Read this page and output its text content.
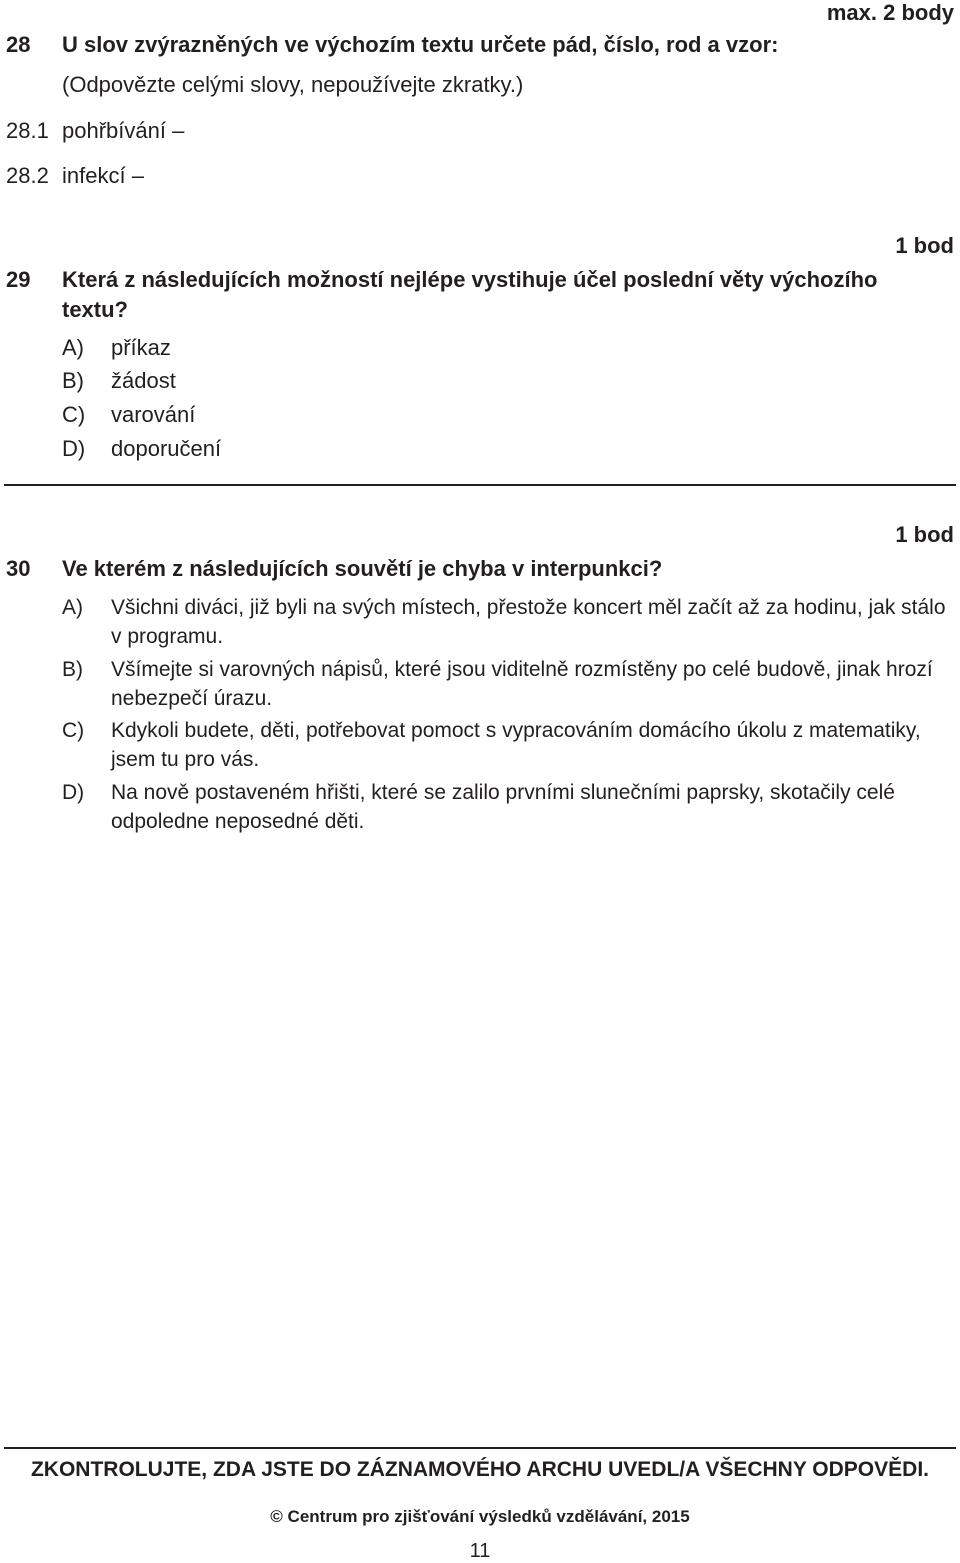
max. 2 body
28 U slov zvýrazněných ve výchozím textu určete pád, číslo, rod a vzor:
(Odpovězte celými slovy, nepoužívejte zkratky.)
28.1 pohřbívání –
28.2 infekcí –
1 bod
29 Která z následujících možností nejlépe vystihuje účel poslední věty výchozího
textu?
A) příkaz
B) žádost
C) varování
D) doporučení
1 bod
30 Ve kterém z následujících souvětí je chyba v interpunkci?
A) Všichni diváci, již byli na svých místech, přestože koncert měl začít až za hodinu, jak stálo v programu.
B) Všímejte si varovných nápisů, které jsou viditelně rozmístěny po celé budově, jinak hrozí nebezpečí úrazu.
C) Kdykoli budete, děti, potřebovat pomoct s vypracováním domácího úkolu z matematiky, jsem tu pro vás.
D) Na nově postaveném hřišti, které se zalilo prvními slunečními paprsky, skotačily celé odpoledne neposedné děti.
ZKONTROLUJTE, ZDA JSTE DO ZÁZNAMOVÉHO ARCHU UVEDL/A VŠECHNY ODPOVĚDI.
© Centrum pro zjišťování výsledků vzdělávání, 2015
11
